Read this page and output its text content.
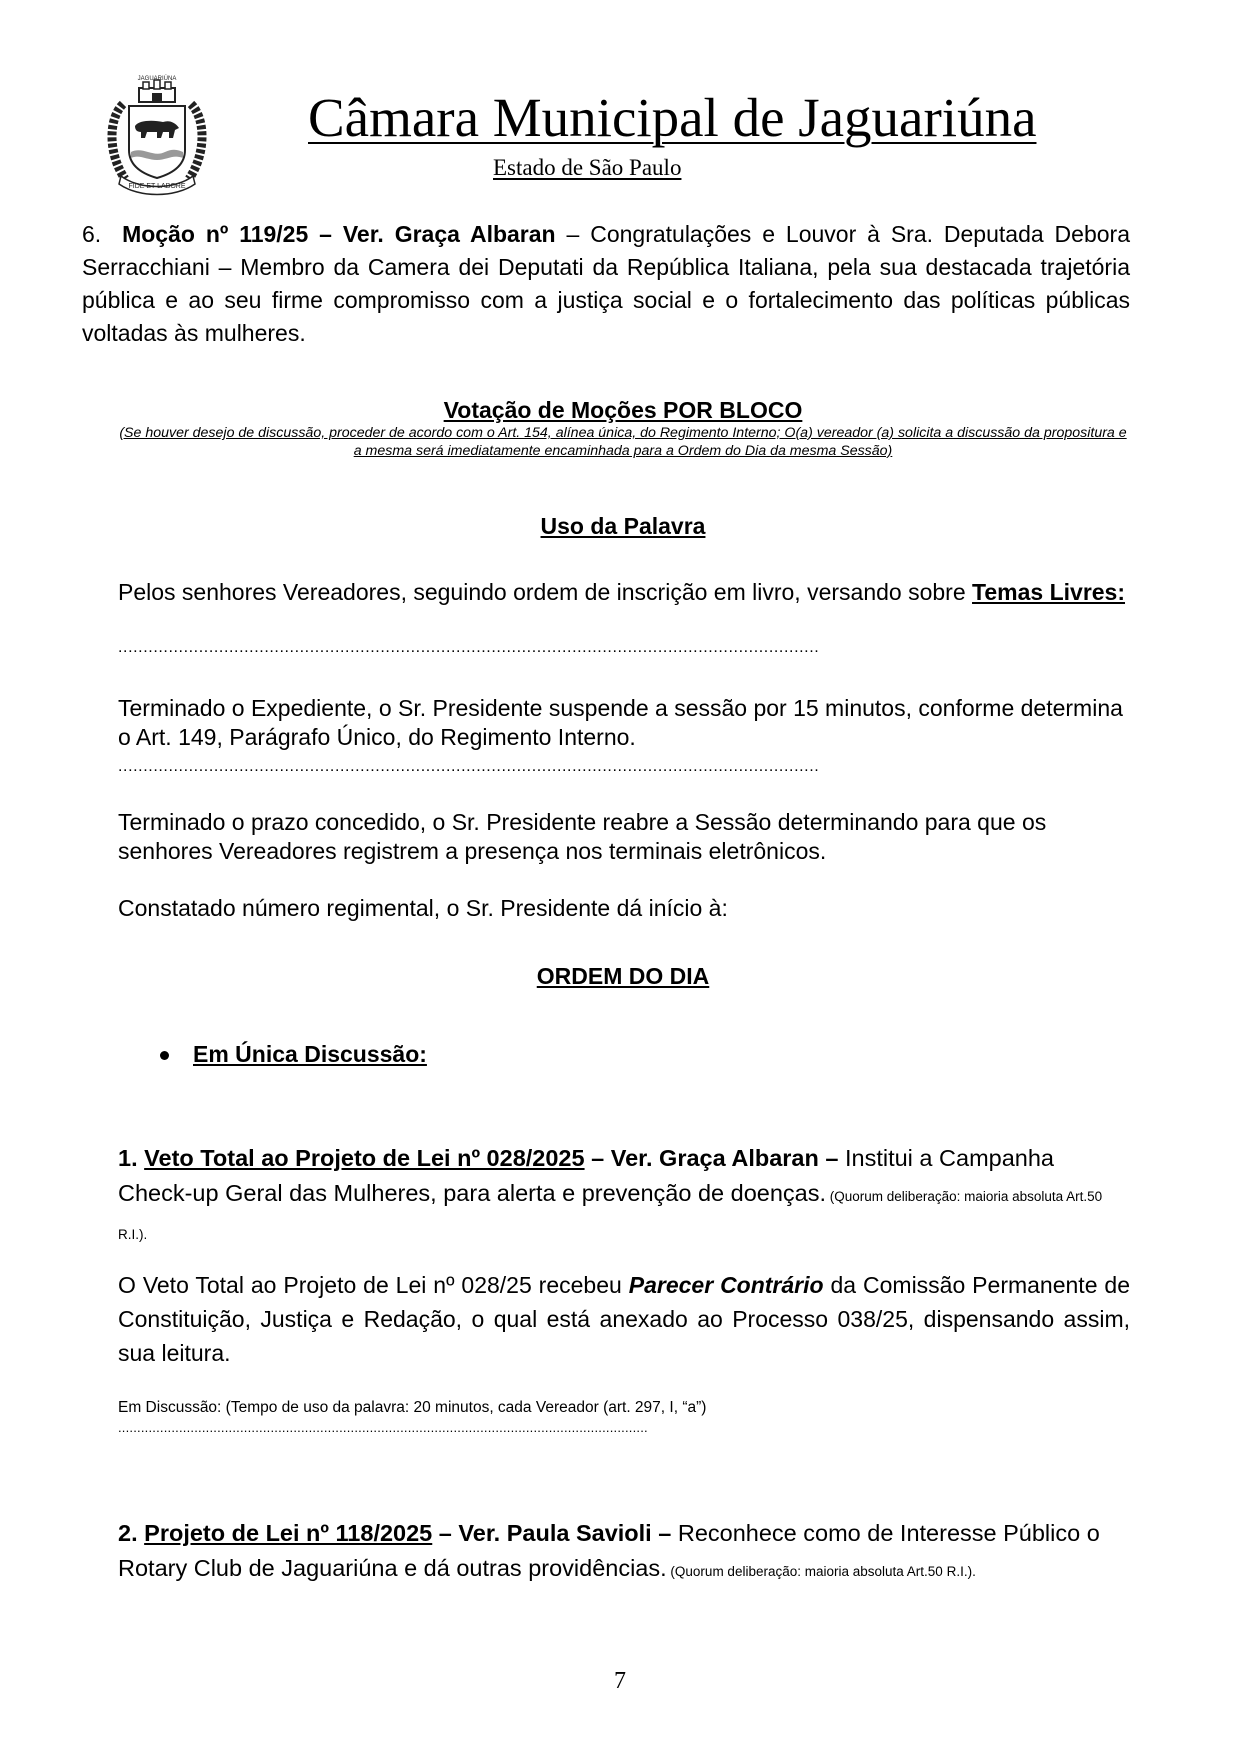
FIDE ET LABORE
JAGUARIÚNA
Câmara Municipal de Jaguariúna
Estado de São Paulo
6. Moção nº 119/25 – Ver. Graça Albaran – Congratulações e Louvor à Sra. Deputada Debora Serracchiani – Membro da Camera dei Deputati da República Italiana, pela sua destacada trajetória pública e ao seu firme compromisso com a justiça social e o fortalecimento das políticas públicas voltadas às mulheres.
Votação de Moções POR BLOCO
(Se houver desejo de discussão, proceder de acordo com o Art. 154, alínea única, do Regimento Interno; O(a) vereador (a) solicita a discussão da propositura e a mesma será imediatamente encaminhada para a Ordem do Dia da mesma Sessão)
Uso da Palavra
Pelos senhores Vereadores, seguindo ordem de inscrição em livro, versando sobre Temas Livres:
...........................................................................................................................................
Terminado o Expediente, o Sr. Presidente suspende a sessão por 15 minutos, conforme determina o Art. 149, Parágrafo Único, do Regimento Interno.
...........................................................................................................................................
Terminado o prazo concedido, o Sr. Presidente reabre a Sessão determinando para que os senhores Vereadores registrem a presença nos terminais eletrônicos.
Constatado número regimental, o Sr. Presidente dá início à:
ORDEM DO DIA
Em Única Discussão:
1. Veto Total ao Projeto de Lei nº 028/2025 – Ver. Graça Albaran – Institui a Campanha Check-up Geral das Mulheres, para alerta e prevenção de doenças. (Quorum deliberação: maioria absoluta Art.50 R.I.).
O Veto Total ao Projeto de Lei nº 028/25 recebeu Parecer Contrário da Comissão Permanente de Constituição, Justiça e Redação, o qual está anexado ao Processo 038/25, dispensando assim, sua leitura.
Em Discussão: (Tempo de uso da palavra: 20 minutos, cada Vereador (art. 297, I, “a”)
...........................................................................................................................................
2. Projeto de Lei nº 118/2025 – Ver. Paula Savioli – Reconhece como de Interesse Público o Rotary Club de Jaguariúna e dá outras providências. (Quorum deliberação: maioria absoluta Art.50 R.I.).
7
